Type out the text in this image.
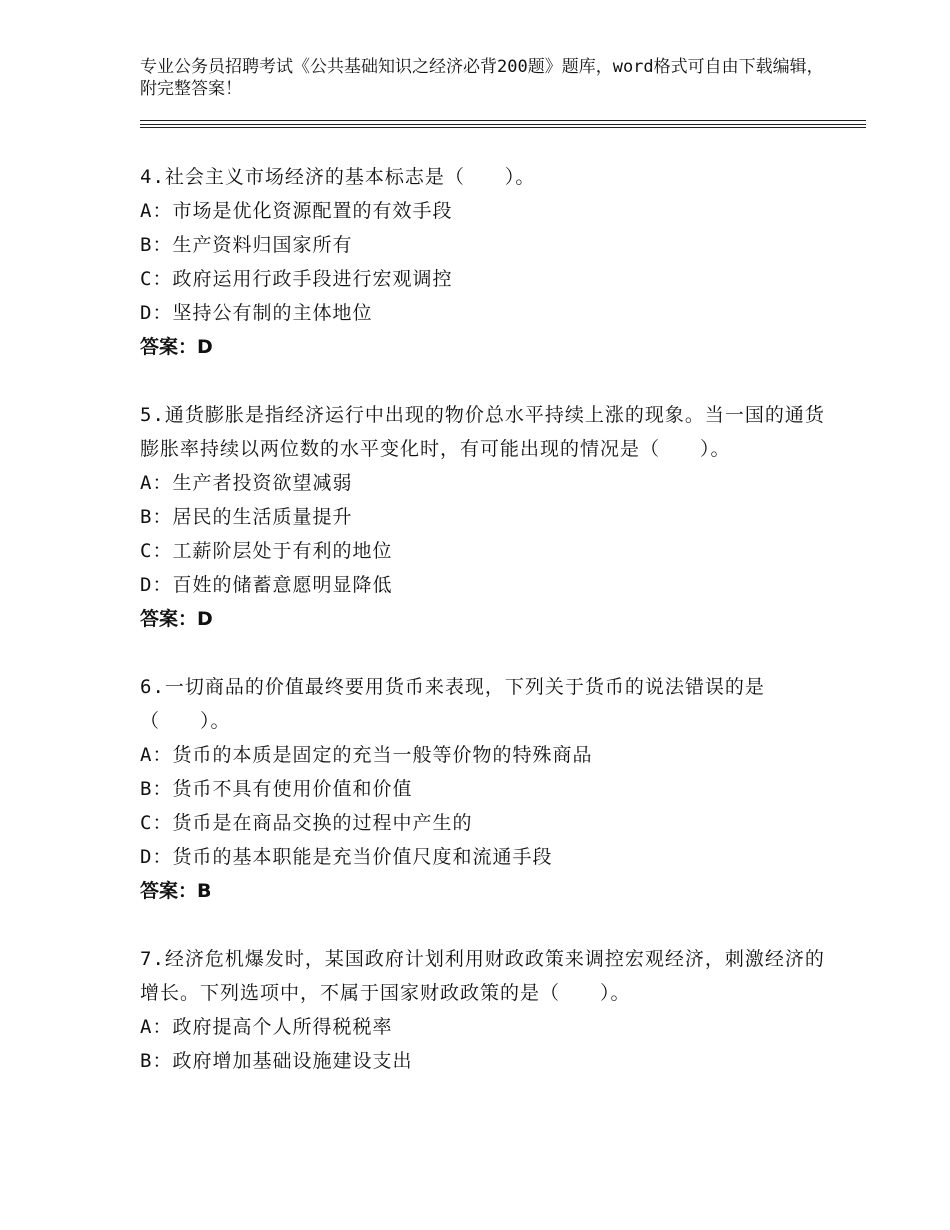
专业公务员招聘考试《公共基础知识之经济必背200题》题库，word格式可自由下载编辑，附完整答案！
4.社会主义市场经济的基本标志是（　　）。
A：市场是优化资源配置的有效手段
B：生产资料归国家所有
C：政府运用行政手段进行宏观调控
D：坚持公有制的主体地位
答案：D
5.通货膨胀是指经济运行中出现的物价总水平持续上涨的现象。当一国的通货膨胀率持续以两位数的水平变化时，有可能出现的情况是（　　）。
A：生产者投资欲望减弱
B：居民的生活质量提升
C：工薪阶层处于有利的地位
D：百姓的储蓄意愿明显降低
答案：D
6.一切商品的价值最终要用货币来表现，下列关于货币的说法错误的是（　　）。
A：货币的本质是固定的充当一般等价物的特殊商品
B：货币不具有使用价值和价值
C：货币是在商品交换的过程中产生的
D：货币的基本职能是充当价值尺度和流通手段
答案：B
7.经济危机爆发时，某国政府计划利用财政政策来调控宏观经济，刺激经济的增长。下列选项中，不属于国家财政政策的是（　　）。
A：政府提高个人所得税税率
B：政府增加基础设施建设支出
